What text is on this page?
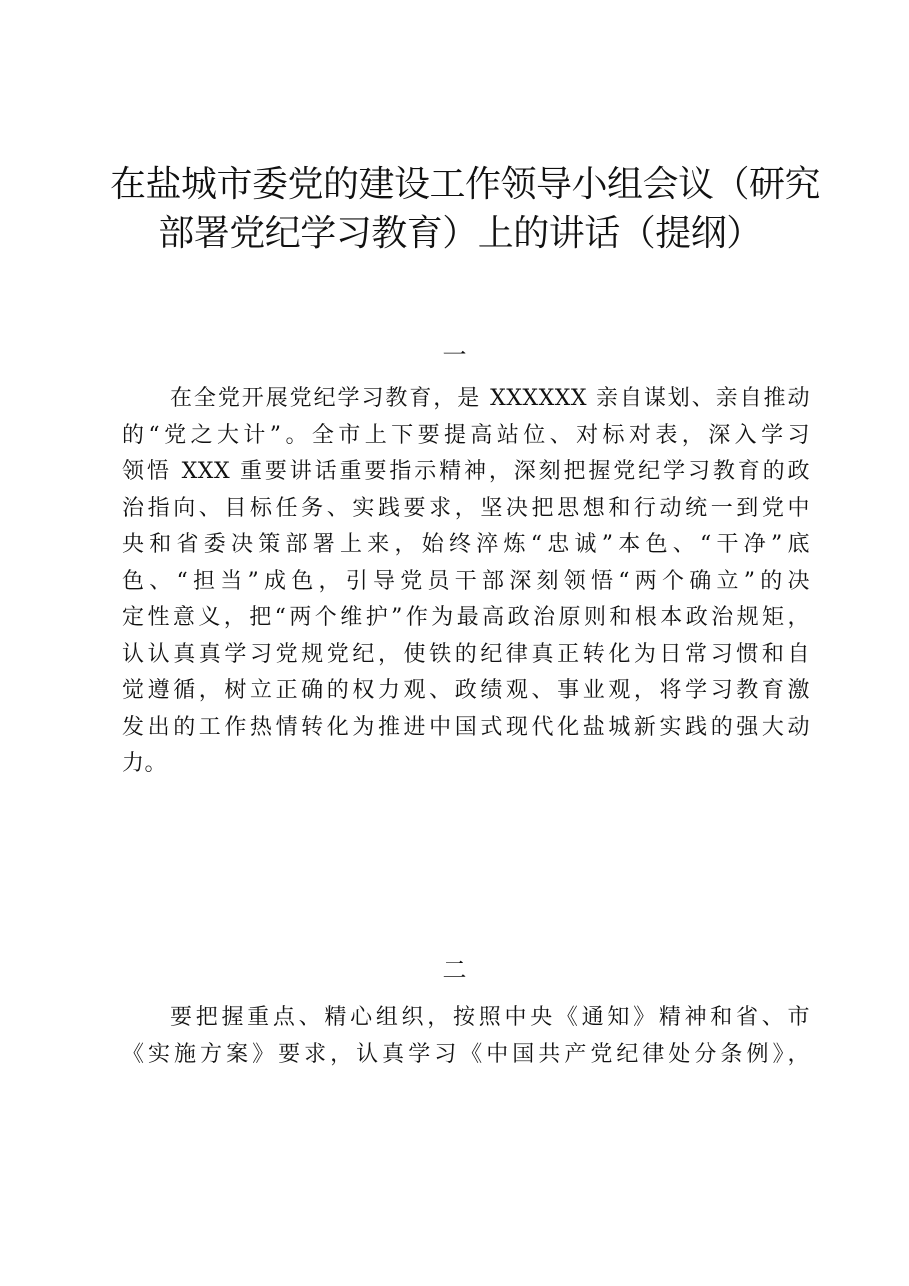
在盐城市委党的建设工作领导小组会议（研究
部署党纪学习教育）上的讲话（提纲）
一
在全党开展党纪学习教育，是 XXXXXX 亲自谋划、亲自推动
的“党之大计”。全市上下要提高站位、对标对表，深入学习
领悟 XXX 重要讲话重要指示精神，深刻把握党纪学习教育的政
治指向、目标任务、实践要求，坚决把思想和行动统一到党中
央和省委决策部署上来，始终淬炼“忠诚”本色、“干净”底
色、“担当”成色，引导党员干部深刻领悟“两个确立”的决
定性意义，把“两个维护”作为最高政治原则和根本政治规矩，
认认真真学习党规党纪，使铁的纪律真正转化为日常习惯和自
觉遵循，树立正确的权力观、政绩观、事业观，将学习教育激
发出的工作热情转化为推进中国式现代化盐城新实践的强大动
力。
二
要把握重点、精心组织，按照中央《通知》精神和省、市
《实施方案》要求，认真学习《中国共产党纪律处分条例》，
